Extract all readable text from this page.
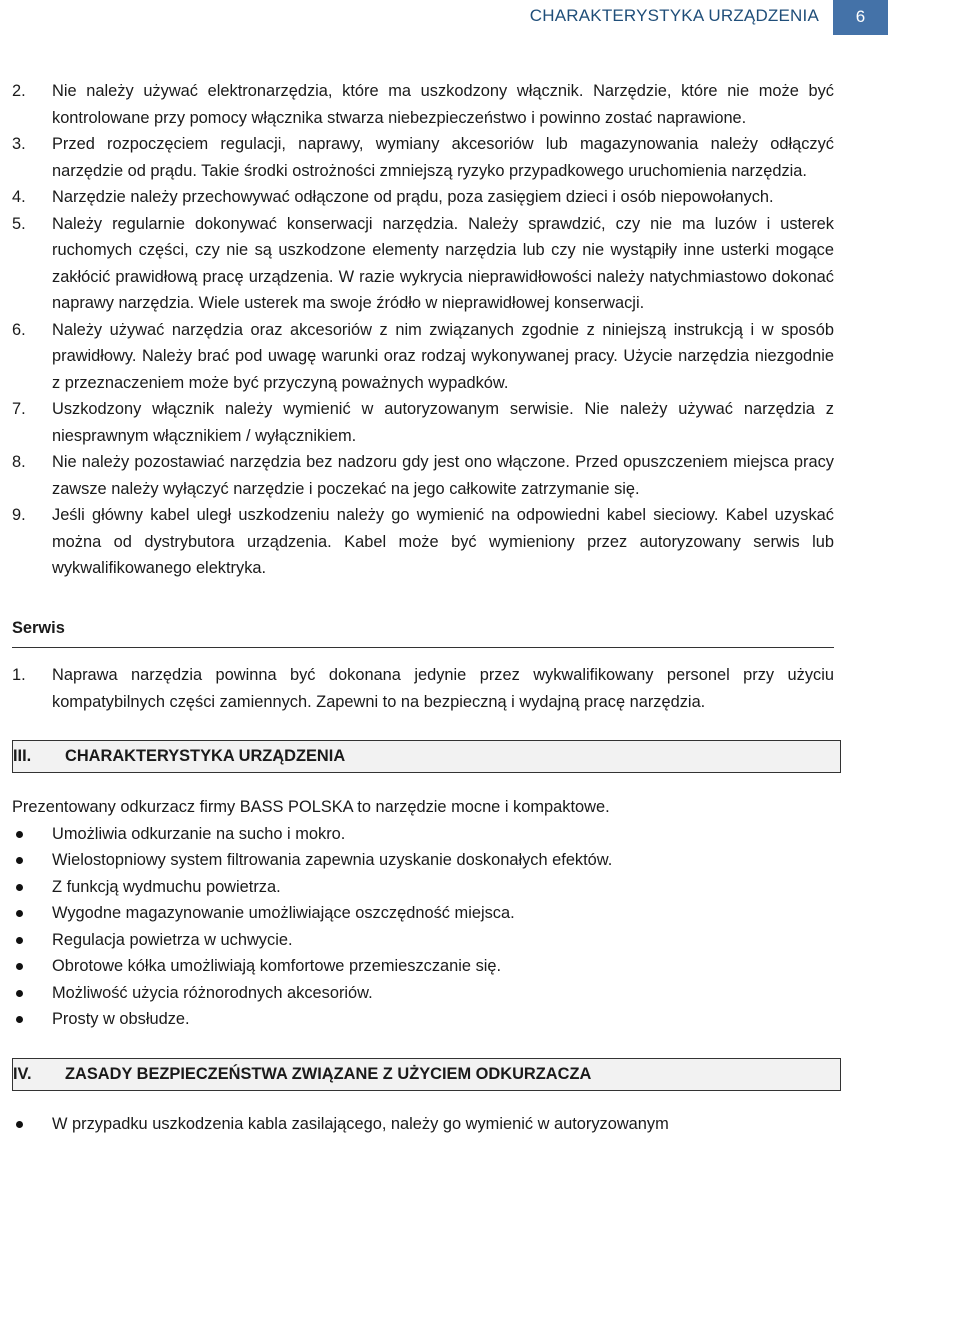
CHARAKTERYSTYKA URZĄDZENIA	6
2. Nie należy używać elektronarzędzia, które ma uszkodzony włącznik. Narzędzie, które nie może być kontrolowane przy pomocy włącznika stwarza niebezpieczeństwo i powinno zostać naprawione.
3. Przed rozpoczęciem regulacji, naprawy, wymiany akcesoriów lub magazynowania należy odłączyć narzędzie od prądu. Takie środki ostrożności zmniejszą ryzyko przypadkowego uruchomienia narzędzia.
4. Narzędzie należy przechowywać odłączone od prądu, poza zasięgiem dzieci i osób niepowołanych.
5. Należy regularnie dokonywać konserwacji narzędzia. Należy sprawdzić, czy nie ma luzów i usterek ruchomych części, czy nie są uszkodzone elementy narzędzia lub czy nie wystąpiły inne usterki mogące zakłócić prawidłową pracę urządzenia. W razie wykrycia nieprawidłowości należy natychmiastowo dokonać naprawy narzędzia. Wiele usterek ma swoje źródło w nieprawidłowej konserwacji.
6. Należy używać narzędzia oraz akcesoriów z nim związanych zgodnie z niniejszą instrukcją i w sposób prawidłowy. Należy brać pod uwagę warunki oraz rodzaj wykonywanej pracy. Użycie narzędzia niezgodnie z przeznaczeniem może być przyczyną poważnych wypadków.
7. Uszkodzony włącznik należy wymienić w autoryzowanym serwisie. Nie należy używać narzędzia z niesprawnym włącznikiem / wyłącznikiem.
8. Nie należy pozostawiać narzędzia bez nadzoru gdy jest ono włączone. Przed opuszczeniem miejsca pracy zawsze należy wyłączyć narzędzie i poczekać na jego całkowite zatrzymanie się.
9. Jeśli główny kabel uległ uszkodzeniu należy go wymienić na odpowiedni kabel sieciowy. Kabel uzyskać można od dystrybutora urządzenia. Kabel może być wymieniony przez autoryzowany serwis lub wykwalifikowanego elektryka.
Serwis
1. Naprawa narzędzia powinna być dokonana jedynie przez wykwalifikowany personel przy użyciu kompatybilnych części zamiennych. Zapewni to na bezpieczną i wydajną pracę narzędzia.
III.	CHARAKTERYSTYKA URZĄDZENIA
Prezentowany odkurzacz firmy BASS POLSKA to narzędzie mocne i kompaktowe.
Umożliwia odkurzanie na sucho i mokro.
Wielostopniowy system filtrowania zapewnia uzyskanie doskonałych efektów.
Z funkcją wydmuchu powietrza.
Wygodne magazynowanie umożliwiające oszczędność miejsca.
Regulacja powietrza w uchwycie.
Obrotowe kółka umożliwiają komfortowe przemieszczanie się.
Możliwość użycia różnorodnych akcesoriów.
Prosty w obsłudze.
IV.	ZASADY BEZPIECZEŃSTWA ZWIĄZANE Z UŻYCIEM ODKURZACZA
W przypadku uszkodzenia kabla zasilającego, należy go wymienić w autoryzowanym
